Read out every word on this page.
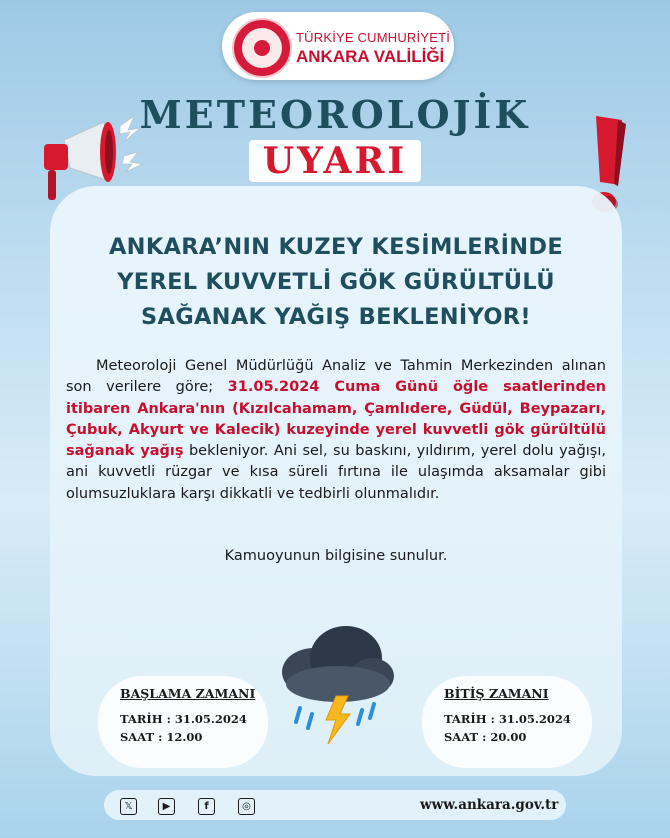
TÜRKİYE CUMHURİYETİ
ANKARA VALİLİĞİ
METEOROLOJİK
UYARI
ANKARA’NIN KUZEY KESİMLERİNDE
YEREL KUVVETLİ GÖK GÜRÜLTÜLÜ
SAĞANAK YAĞIŞ BEKLENİYOR!
Meteoroloji Genel Müdürlüğü Analiz ve Tahmin Merkezinden alınan son verilere göre; 31.05.2024 Cuma Günü öğle saatlerinden itibaren Ankara'nın (Kızılcahamam, Çamlıdere, Güdül, Beypazarı, Çubuk, Akyurt ve Kalecik) kuzeyinde yerel kuvvetli gök gürültülü sağanak yağış bekleniyor. Ani sel, su baskını, yıldırım, yerel dolu yağışı, ani kuvvetli rüzgar ve kısa süreli fırtına ile ulaşımda aksamalar gibi olumsuzluklara karşı dikkatli ve tedbirli olunmalıdır.
Kamuoyunun bilgisine sunulur.
BAŞLAMA ZAMANI
TARİH : 31.05.2024
SAAT : 12.00
BİTİŞ ZAMANI
TARİH : 31.05.2024
SAAT : 20.00
𝕏	▶	f	◎	www.ankara.gov.tr
